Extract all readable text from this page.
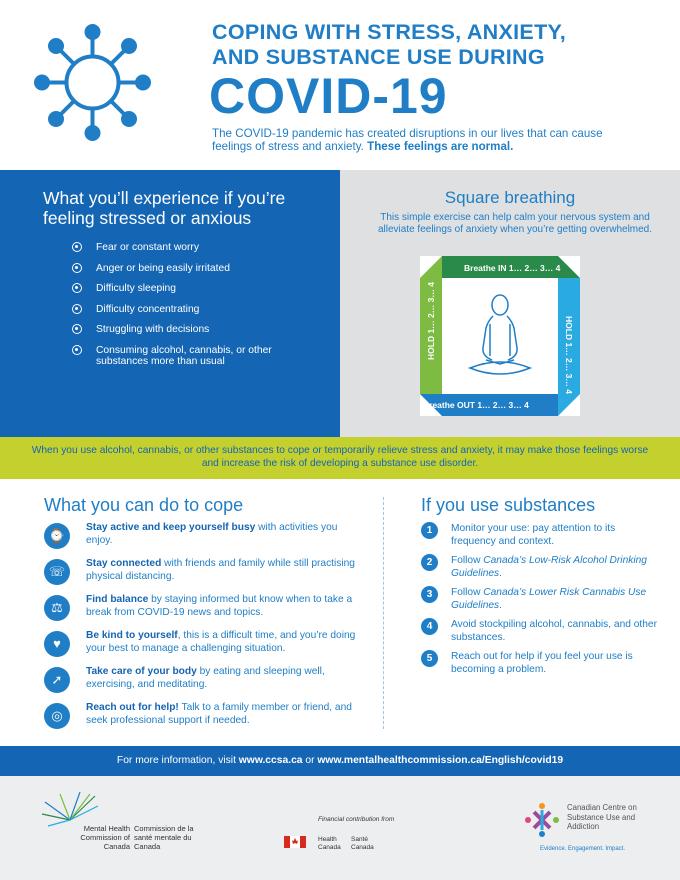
COPING WITH STRESS, ANXIETY,
AND SUBSTANCE USE DURING
COVID-19
The COVID-19 pandemic has created disruptions in our lives that can cause feelings of stress and anxiety. These feelings are normal.
What you’ll experience if you’re feeling stressed or anxious
Fear or constant worry
Anger or being easily irritated
Difficulty sleeping
Difficulty concentrating
Struggling with decisions
Consuming alcohol, cannabis, or other substances more than usual
Square breathing
This simple exercise can help calm your nervous system and alleviate feelings of anxiety when you’re getting overwhelmed.
Breathe IN 1… 2… 3… 4
HOLD 1… 2… 3… 4
Breathe OUT 1… 2… 3… 4
HOLD 1… 2… 3… 4
When you use alcohol, cannabis, or other substances to cope or temporarily relieve stress and anxiety, it may make those feelings worse and increase the risk of developing a substance use disorder.
What you can do to cope
⌚
Stay active and keep yourself busy with activities you enjoy.
☏
Stay connected with friends and family while still practising physical distancing.
⚖
Find balance by staying informed but know when to take a break from COVID-19 news and topics.
♥
Be kind to yourself, this is a difficult time, and you’re doing your best to manage a challenging situation.
➚
Take care of your body by eating and sleeping well, exercising, and meditating.
◎
Reach out for help! Talk to a family member or friend, and seek professional support if needed.
If you use substances
1	Monitor your use: pay attention to its frequency and context.
2	Follow Canada’s Low-Risk Alcohol Drinking Guidelines.
3	Follow Canada’s Lower Risk Cannabis Use Guidelines.
4	Avoid stockpiling alcohol, cannabis, and other substances.
5	Reach out for help if you feel your use is becoming a problem.
For more information, visit www.ccsa.ca or www.mentalhealthcommission.ca/English/covid19
Mental Health Commission of Canada
Commission de la santé mentale du Canada
Financial contribution from
Health Canada
Santé Canada
Canadian Centre on Substance Use and Addiction
Evidence. Engagement. Impact.
